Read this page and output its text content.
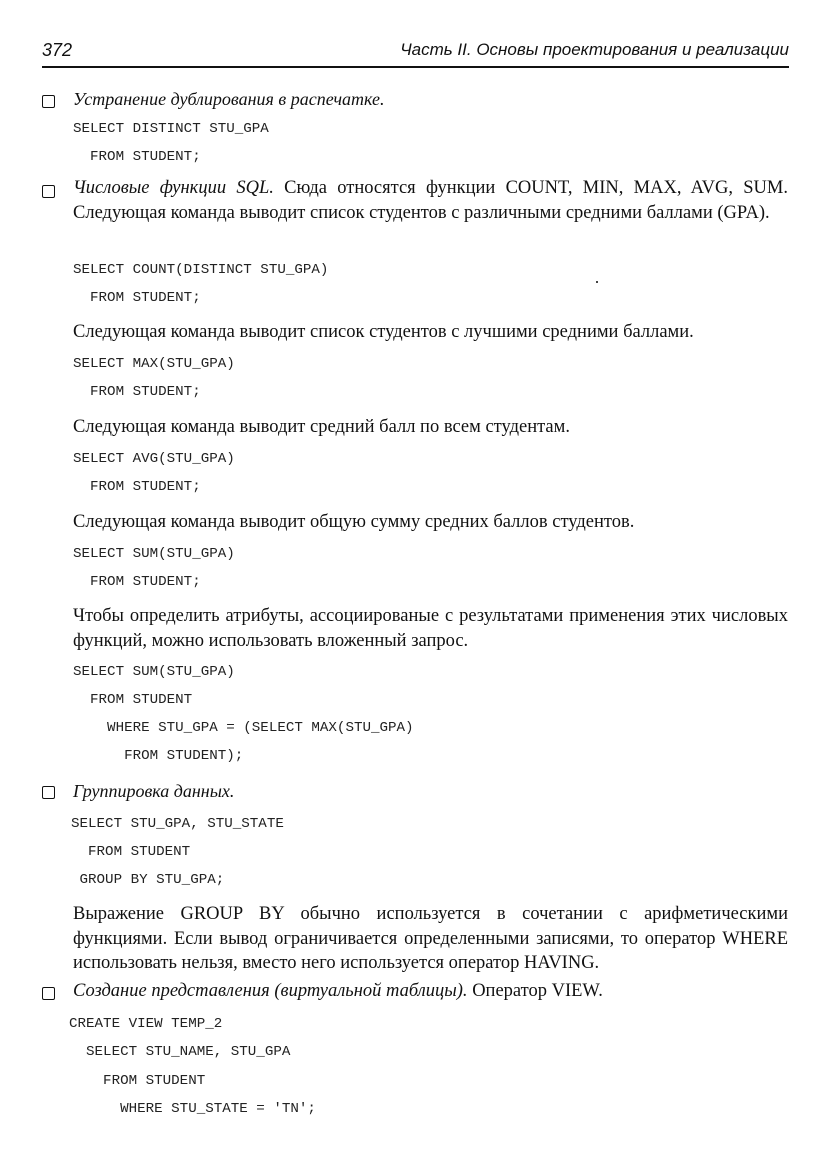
372	Часть II. Основы проектирования и реализации
Устранение дублирования в распечатке.
SELECT DISTINCT STU_GPA
FROM STUDENT;
Числовые функции SQL. Сюда относятся функции COUNT, MIN, MAX, AVG, SUM. Следующая команда выводит список студентов с различными средними баллами (GPA).
SELECT COUNT(DISTINCT STU_GPA)
FROM STUDENT;
Следующая команда выводит список студентов с лучшими средними баллами.
SELECT MAX(STU_GPA)
FROM STUDENT;
Следующая команда выводит средний балл по всем студентам.
SELECT AVG(STU_GPA)
FROM STUDENT;
Следующая команда выводит общую сумму средних баллов студентов.
SELECT SUM(STU_GPA)
FROM STUDENT;
Чтобы определить атрибуты, ассоциированые с результатами применения этих числовых функций, можно использовать вложенный запрос.
SELECT SUM(STU_GPA)
FROM STUDENT
WHERE STU_GPA = (SELECT MAX(STU_GPA)
FROM STUDENT);
Группировка данных.
SELECT STU_GPA, STU_STATE
FROM STUDENT
GROUP BY STU_GPA;
Выражение GROUP BY обычно используется в сочетании с арифметическими функциями. Если вывод ограничивается определенными записями, то оператор WHERE использовать нельзя, вместо него используется оператор HAVING.
Создание представления (виртуальной таблицы). Оператор VIEW.
CREATE VIEW TEMP_2
SELECT STU_NAME, STU_GPA
FROM STUDENT
WHERE STU_STATE = 'TN';
